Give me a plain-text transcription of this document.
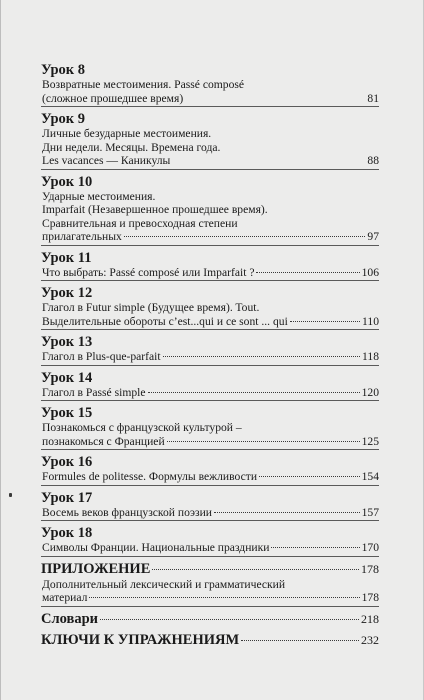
Урок 8
Возвратные местоимения. Passé composé
(сложное прошедшее время)	81
Урок 9
Личные безударные местоимения.
Дни недели. Месяцы. Времена года.
Les vacances — Каникулы	88
Урок 10
Ударные местоимения.
Imparfait (Незавершенное прошедшее время).
Сравнительная и превосходная степени
прилагательных	97
Урок 11
Что выбрать: Passé composé или Imparfait ?	106
Урок 12
Глагол в Futur simple (Будущее время). Tout.
Выделительные обороты c’est...qui и ce sont ... qui	110
Урок 13
Глагол в Plus-que-parfait	118
Урок 14
Глагол в Passé simple	120
Урок 15
Познакомься с французской культурой –
познакомься с Францией	125
Урок 16
Formules de politesse. Формулы вежливости	154
Урок 17
Восемь веков французской поэзии	157
Урок 18
Символы Франции. Национальные праздники	170
ПРИЛОЖЕНИЕ	178
Дополнительный лексический и грамматический
материал	178
Словари	218
КЛЮЧИ К УПРАЖНЕНИЯМ	232
